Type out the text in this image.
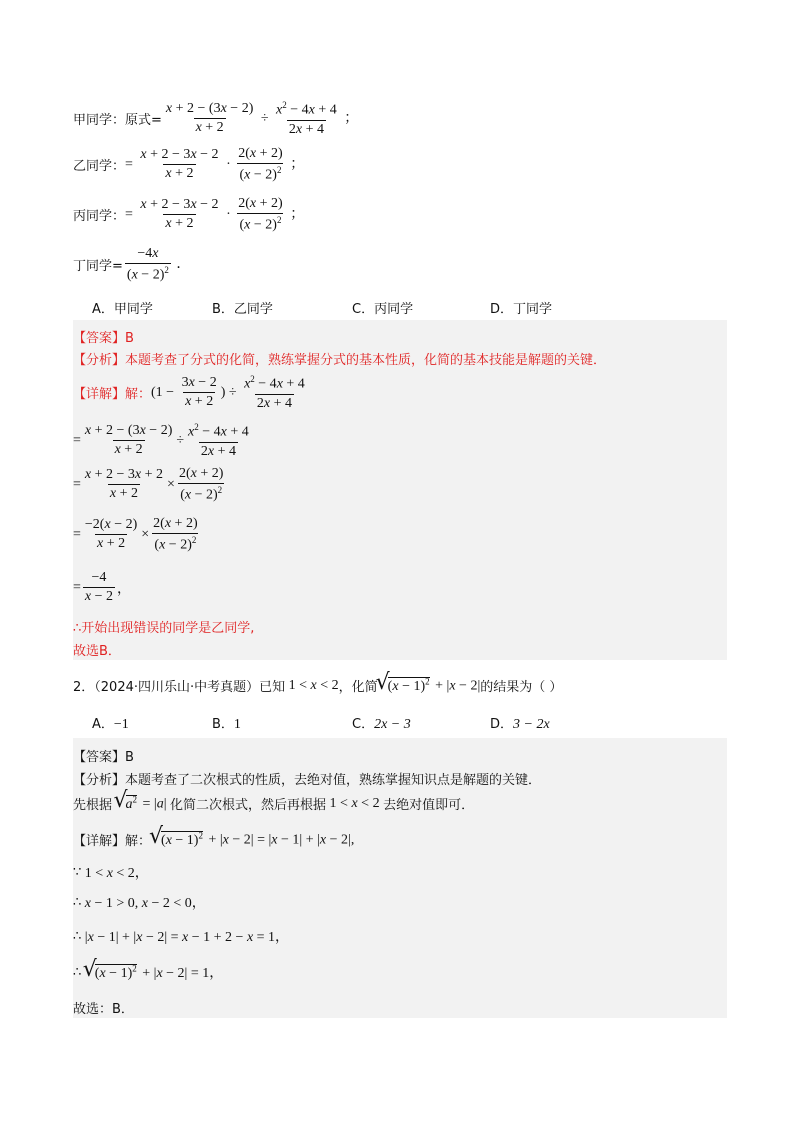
甲同学：原式= $\frac{x + 2 - (3x - 2)}{x + 2} \div \frac{x^2 - 4x + 4}{2x + 4}$ ；
乙同学： = $\frac{x + 2 - 3x - 2}{x + 2} \cdot \frac{2(x + 2)}{(x - 2)^2}$ ；
丙同学： = $\frac{x + 2 - 3x - 2}{x + 2} \cdot \frac{2(x + 2)}{(x - 2)^2}$ ；
丁同学= $\frac{-4x}{(x - 2)^2}$ ．
A．甲同学	B．乙同学	C．丙同学	D．丁同学
【答案】B
【分析】本题考查了分式的化简，熟练掌握分式的基本性质，化简的基本技能是解题的关键．
【详解】解： ($1 - \frac{3x - 2}{x + 2}$ ) ÷ $\frac{x^2 - 4x + 4}{2x + 4}$
= $\frac{x + 2 - (3x - 2)}{x + 2} \div \frac{x^2 - 4x + 4}{2x + 4}$
= $\frac{x + 2 - 3x + 2}{x + 2} \times \frac{2(x + 2)}{(x - 2)^2}$
= $\frac{-2(x - 2)}{x + 2} \times \frac{2(x + 2)}{(x - 2)^2}$
= $\frac{-4}{x - 2}$ ，
∴开始出现错误的同学是乙同学,
故选B．
2．（2024·四川乐山·中考真题）已知 1 < x < 2 ，化简 √ $(x - 1)^2 + |x - 2|$ 的结果为（ ）
A．−1	B．1	C．2x − 3	D．3 − 2x
【答案】B
【分析】本题考查了二次根式的性质，去绝对值，熟练掌握知识点是解题的关键．
先根据 √ $a^2 = |a|$ 化简二次根式，然后再根据 1 < x < 2 去绝对值即可．
【详解】解： √ $(x - 1)^2 + |x - 2| = |x - 1| + |x - 2|$,
∵ 1 < x < 2，
∴ x − 1 > 0, x − 2 < 0，
∴ |x − 1| + |x − 2| = x − 1 + 2 − x = 1，
∴ √ $(x - 1)^2 + |x - 2| = 1$，
故选：B．
